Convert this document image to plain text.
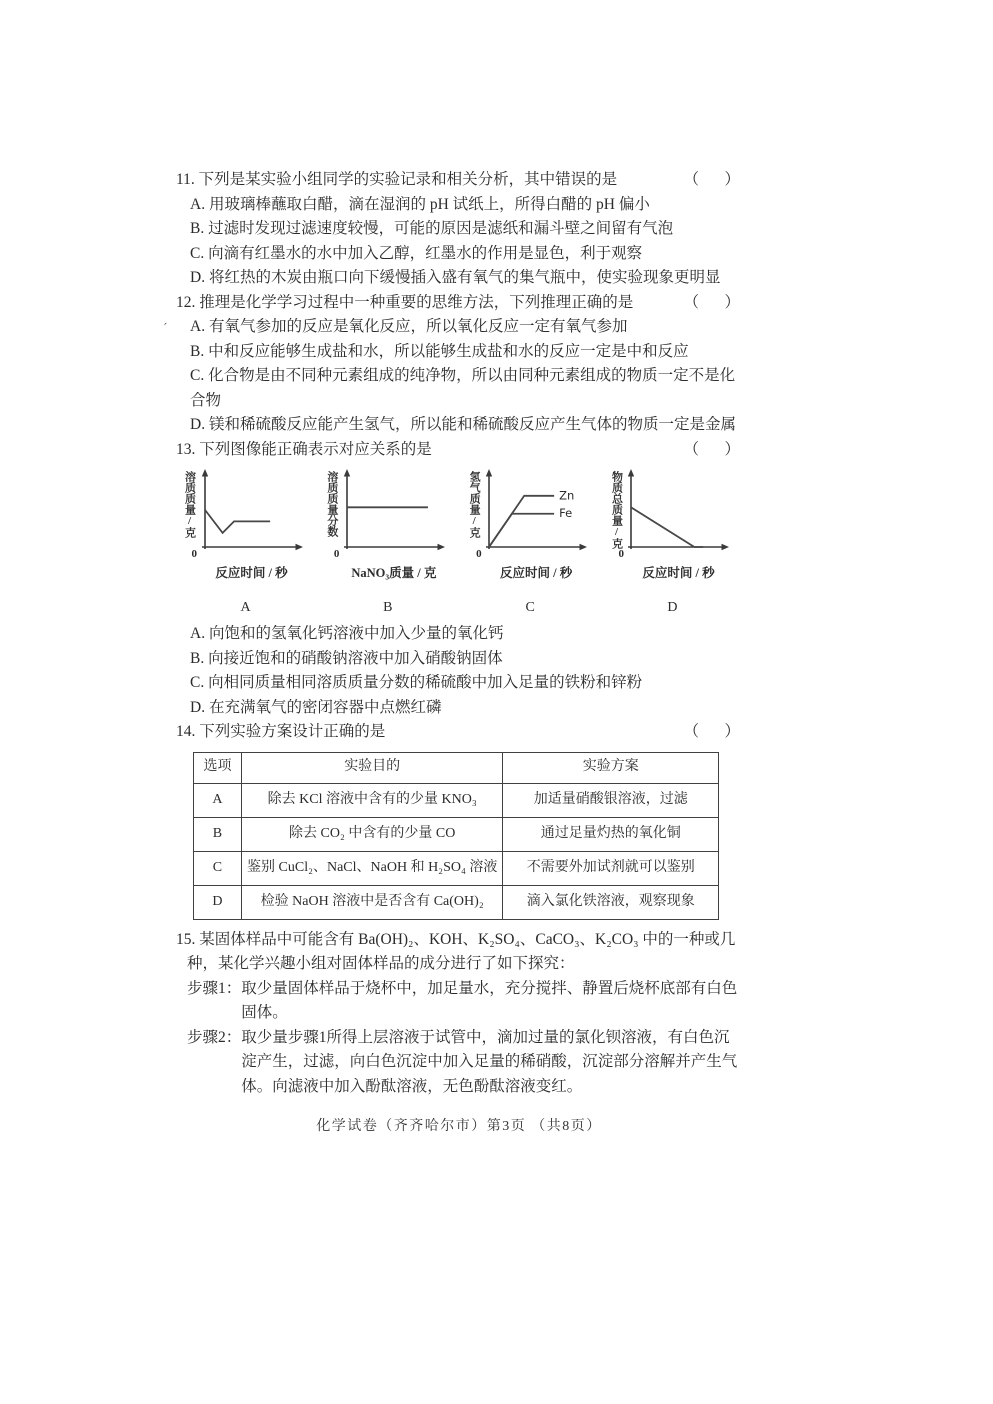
11. 下列是某实验小组同学的实验记录和相关分析，其中错误的是	（    ）
A. 用玻璃棒蘸取白醋，滴在湿润的 pH 试纸上，所得白醋的 pH 偏小
B. 过滤时发现过滤速度较慢，可能的原因是滤纸和漏斗壁之间留有气泡
C. 向滴有红墨水的水中加入乙醇，红墨水的作用是显色，利于观察
D. 将红热的木炭由瓶口向下缓慢插入盛有氧气的集气瓶中，使实验现象更明显
12. 推理是化学学习过程中一种重要的思维方法，下列推理正确的是	（    ）
ˊ A. 有氧气参加的反应是氧化反应，所以氧化反应一定有氧气参加
B. 中和反应能够生成盐和水，所以能够生成盐和水的反应一定是中和反应
C. 化合物是由不同种元素组成的纯净物，所以由同种元素组成的物质一定不是化合物
D. 镁和稀硫酸反应能产生氢气，所以能和稀硫酸反应产生气体的物质一定是金属
13. 下列图像能正确表示对应关系的是	（    ）
溶质质量/克
0
反应时间 / 秒
A
溶质质量分数
0
NaNO₃质量 / 克
B
氢气质量/克	Zn
Fe
0
反应时间 / 秒
C
物质总质量/克
0
反应时间 / 秒
D
A. 向饱和的氢氧化钙溶液中加入少量的氧化钙
B. 向接近饱和的硝酸钠溶液中加入硝酸钠固体
C. 向相同质量相同溶质质量分数的稀硫酸中加入足量的铁粉和锌粉
D. 在充满氧气的密闭容器中点燃红磷
14. 下列实验方案设计正确的是	（    ）
选项	实验目的	实验方案
A	除去 KCl 溶液中含有的少量 KNO₃	加适量硝酸银溶液，过滤
B	除去 CO₂ 中含有的少量 CO	通过足量灼热的氧化铜
C	鉴别 CuCl₂、NaCl、NaOH 和 H₂SO₄ 溶液	不需要外加试剂就可以鉴别
D	检验 NaOH 溶液中是否含有 Ca(OH)₂	滴入氯化铁溶液，观察现象
15. 某固体样品中可能含有 Ba(OH)₂、KOH、K₂SO₄、CaCO₃、K₂CO₃ 中的一种或几种，某化学兴趣小组对固体样品的成分进行了如下探究：
步骤1： 取少量固体样品于烧杯中，加足量水，充分搅拌、静置后烧杯底部有白色固体。
步骤2： 取少量步骤1所得上层溶液于试管中，滴加过量的氯化钡溶液，有白色沉淀产生，过滤，向白色沉淀中加入足量的稀硝酸，沉淀部分溶解并产生气体。向滤液中加入酚酞溶液，无色酚酞溶液变红。
化学试卷（齐齐哈尔市）第3页 （共8页）
